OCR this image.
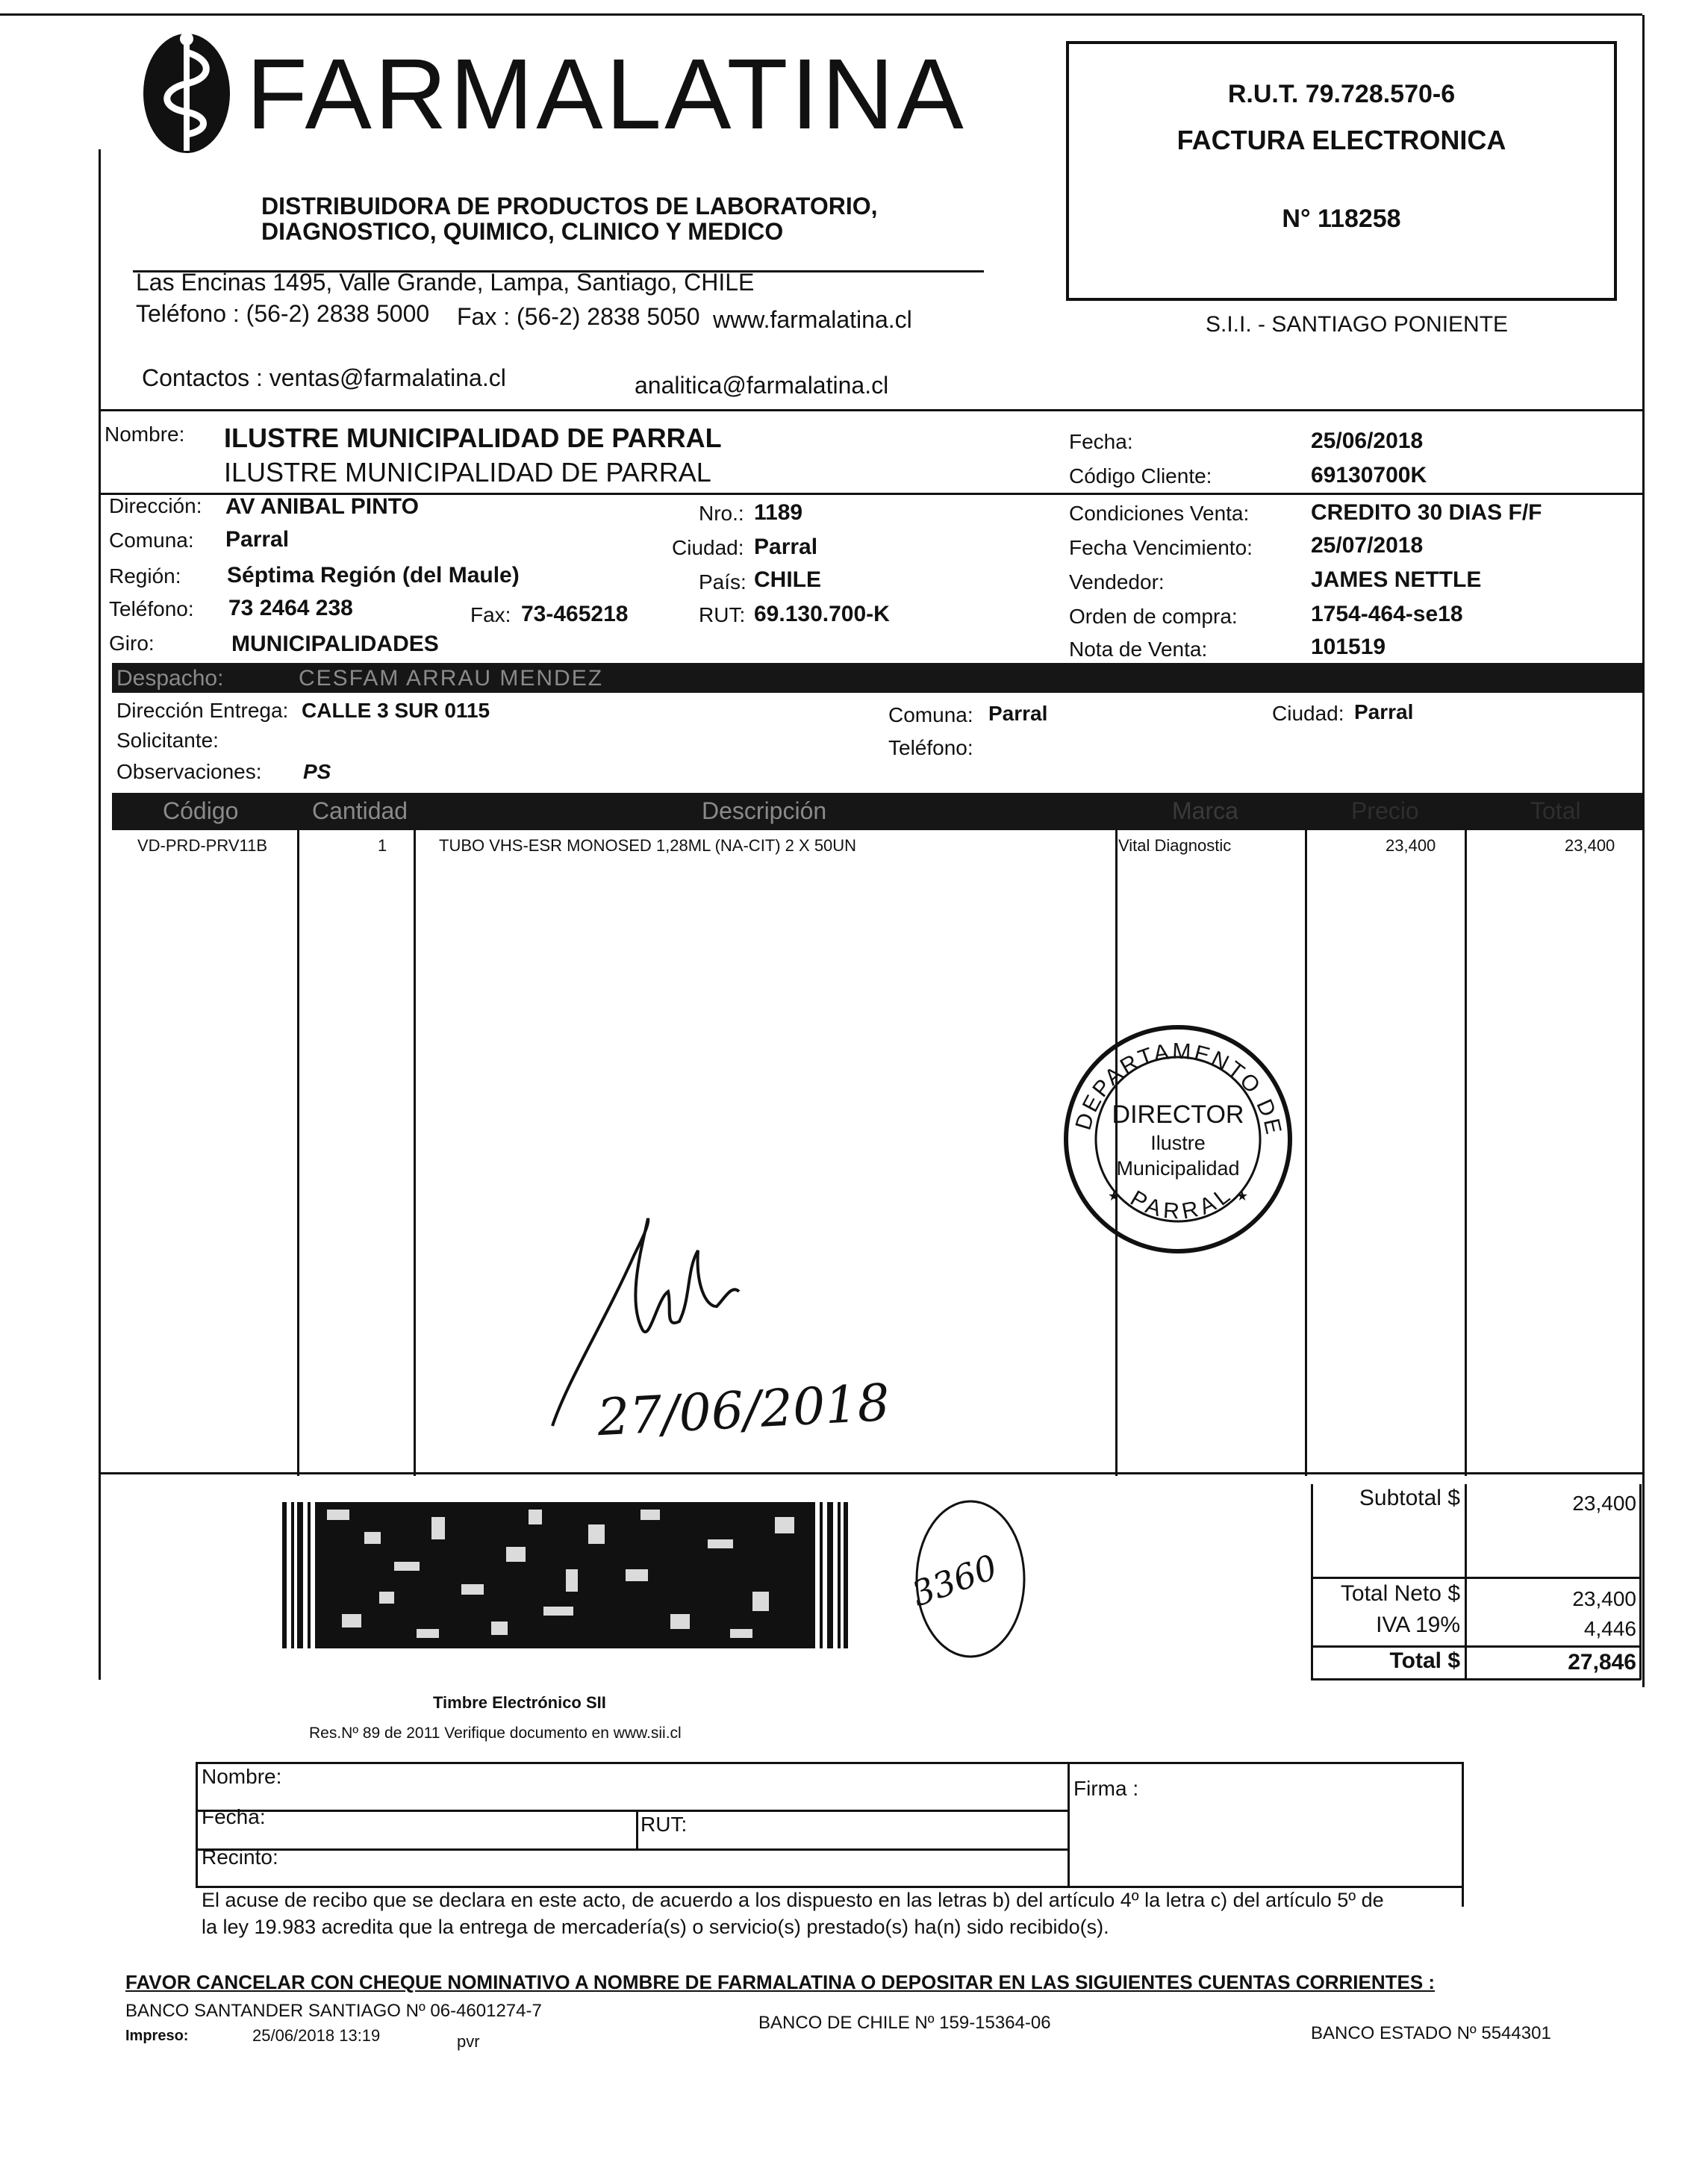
FARMALATINA
DISTRIBUIDORA DE PRODUCTOS DE LABORATORIO,
DIAGNOSTICO, QUIMICO, CLINICO Y MEDICO
Las Encinas 1495, Valle Grande, Lampa, Santiago, CHILE
Teléfono : (56-2) 2838 5000 Fax : (56-2) 2838 5050 www.farmalatina.cl
Contactos : ventas@farmalatina.cl	analitica@farmalatina.cl
R.U.T. 79.728.570-6
FACTURA ELECTRONICA
N° 118258
S.I.I. - SANTIAGO PONIENTE
Nombre: ILUSTRE MUNICIPALIDAD DE PARRAL
ILUSTRE MUNICIPALIDAD DE PARRAL
Fecha:	25/06/2018
Código Cliente:	69130700K
Dirección: AV ANIBAL PINTO	Nro.: 1189	Condiciones Venta:	CREDITO 30 DIAS F/F
Comuna: Parral	Ciudad: Parral	Fecha Vencimiento:	25/07/2018
Región: Séptima Región (del Maule)	País: CHILE	Vendedor:	JAMES NETTLE
Teléfono: 73 2464 238	Fax: 73-465218	RUT: 69.130.700-K	Orden de compra:	1754-464-se18
Giro:	MUNICIPALIDADES	Nota de Venta:	101519
Despacho:	CESFAM ARRAU MENDEZ
Dirección Entrega: CALLE 3 SUR 0115	Comuna: Parral	Ciudad: Parral
Solicitante:	Teléfono:
Observaciones: PS
Código	Cantidad	Descripción	Marca	Precio	Total
VD-PRD-PRV11B	1	TUBO VHS-ESR MONOSED 1,28ML (NA-CIT) 2 X 50UN	Vital Diagnostic	23,400	23,400
DEPARTAMENTO DE
PARRAL
★	★
DIRECTOR
Ilustre
Municipalidad
27/06/2018
3360
Timbre Electrónico SII
Res.Nº 89 de 2011 Verifique documento en www.sii.cl
Subtotal $	23,400
Total Neto $	23,400
IVA 19%	4,446
Total $	27,846
Nombre:
Fecha:	RUT:
Recinto:
Firma :
El acuse de recibo que se declara en este acto, de acuerdo a los dispuesto en las letras b) del artículo 4º la letra c) del artículo 5º de
la ley 19.983 acredita que la entrega de mercadería(s) o servicio(s) prestado(s) ha(n) sido recibido(s).
FAVOR CANCELAR CON CHEQUE NOMINATIVO A NOMBRE DE FARMALATINA O DEPOSITAR EN LAS SIGUIENTES CUENTAS CORRIENTES :
BANCO SANTANDER SANTIAGO Nº 06-4601274-7
BANCO DE CHILE Nº 159-15364-06
BANCO ESTADO Nº 5544301
Impreso:	25/06/2018 13:19	pvr
